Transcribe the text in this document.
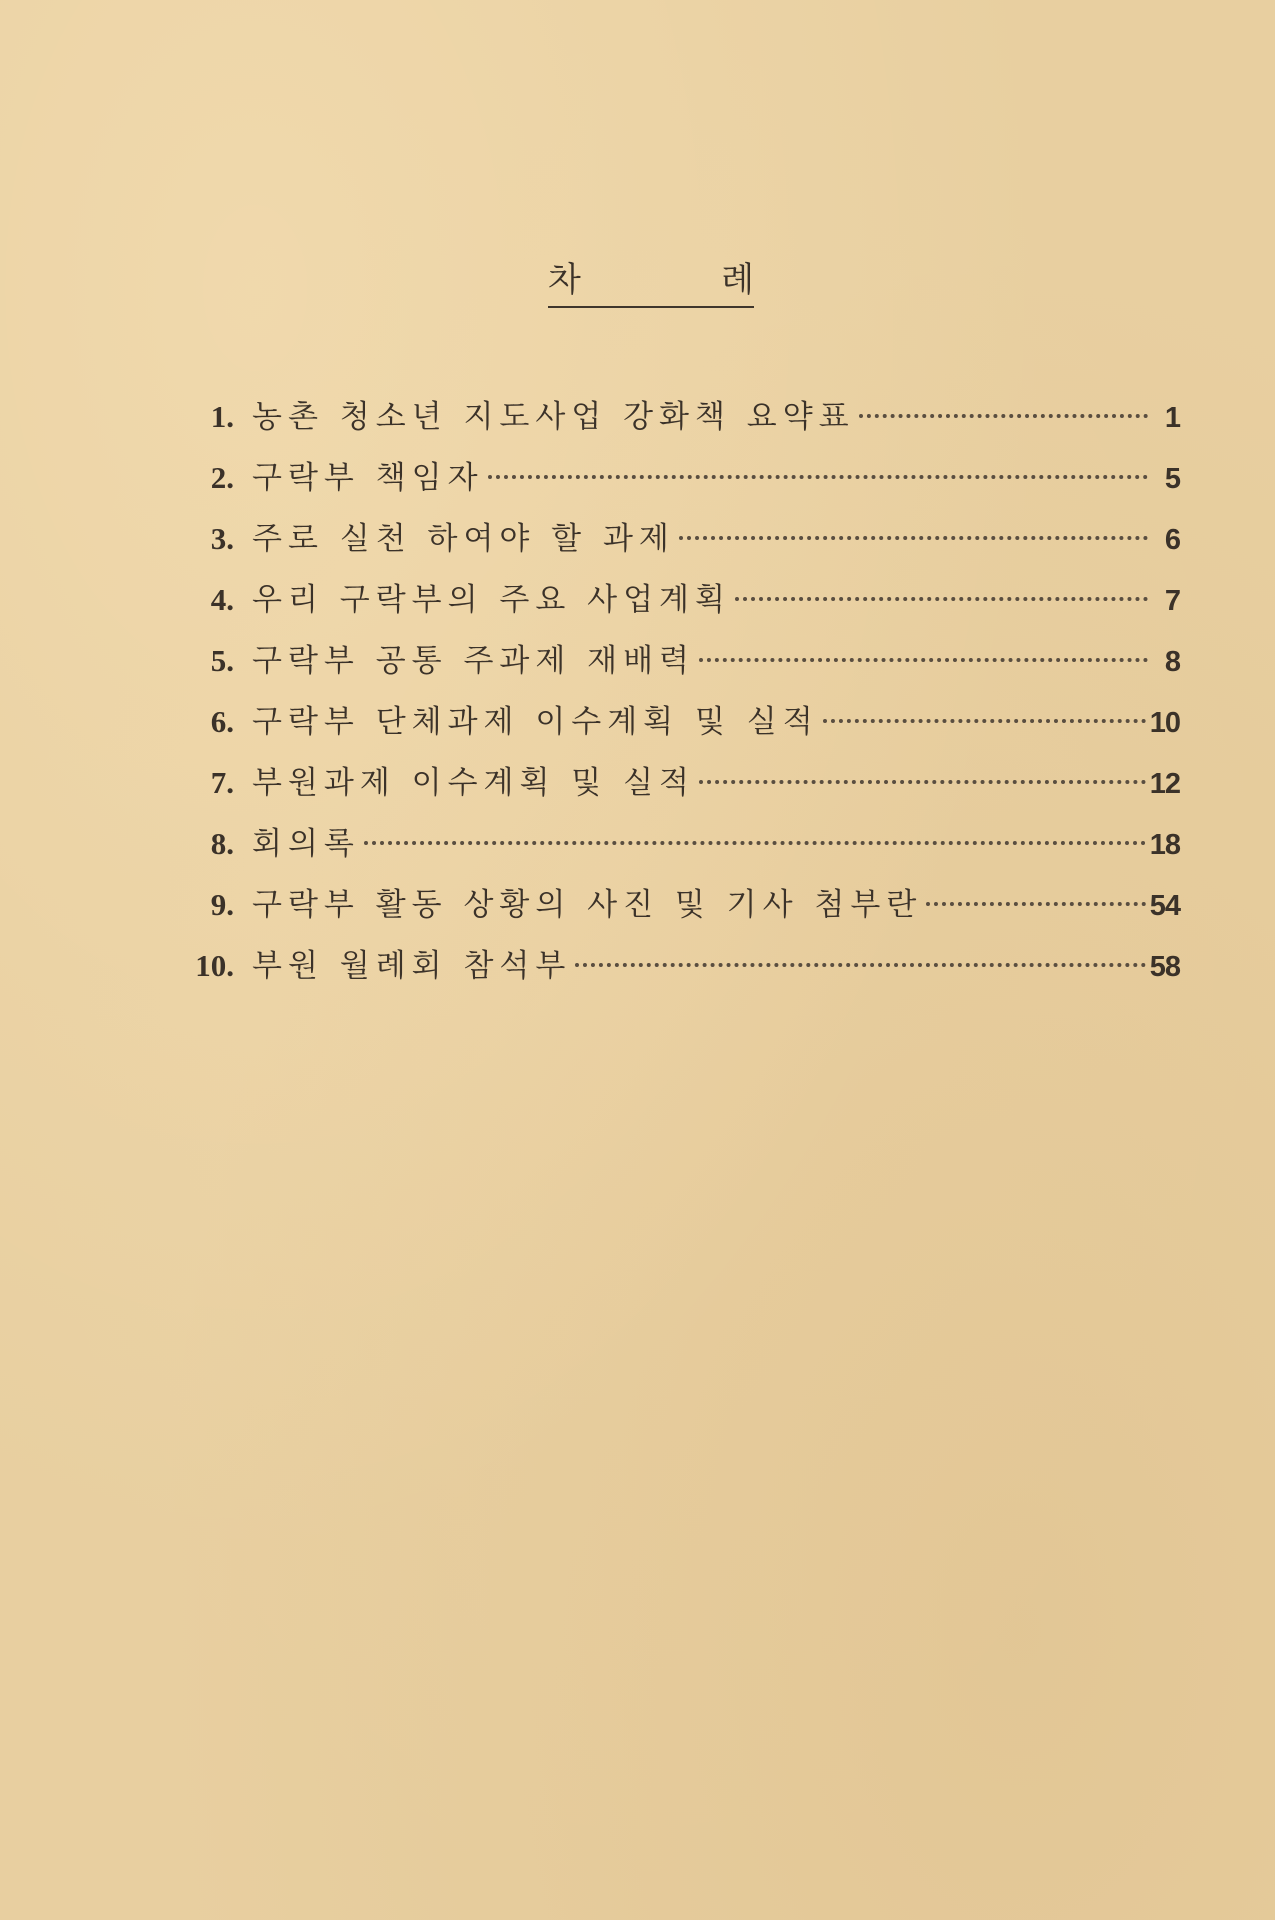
차	례
1. 농촌 청소년 지도사업 강화책 요약표	1
2. 구락부 책임자	5
3. 주로 실천 하여야 할 과제	6
4. 우리 구락부의 주요 사업계획	7
5. 구락부 공통 주과제 재배력	8
6. 구락부 단체과제 이수계획 및 실적	10
7. 부원과제 이수계획 및 실적	12
8. 회의록	18
9. 구락부 활동 상황의 사진 및 기사 첨부란	54
10. 부원 월례회 참석부	58
